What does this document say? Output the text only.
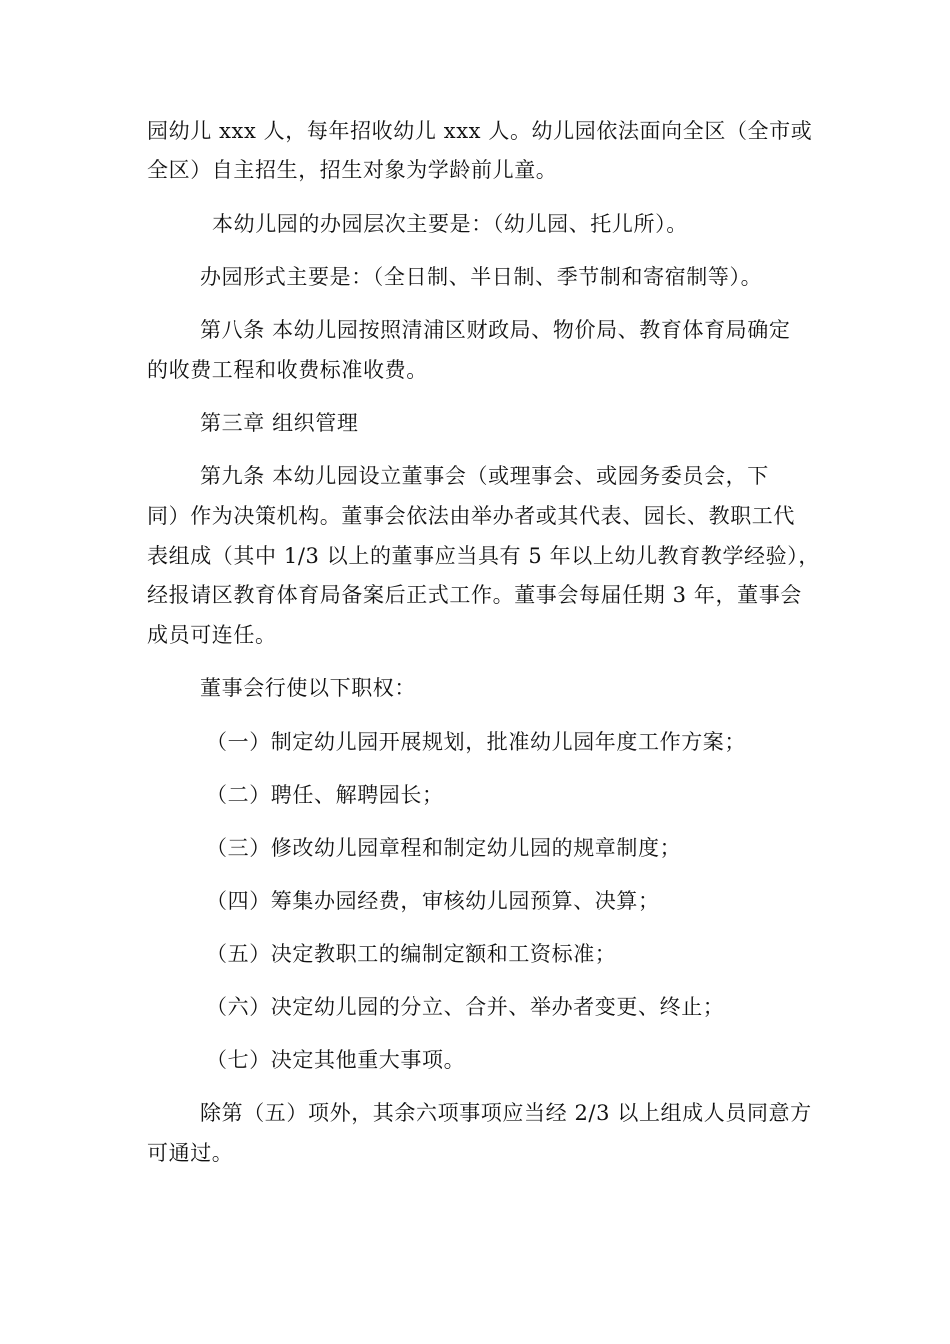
园幼儿 xxx 人，每年招收幼儿 xxx 人。幼儿园依法面向全区（全市或
全区）自主招生，招生对象为学龄前儿童。
本幼儿园的办园层次主要是：（幼儿园、托儿所）。
办园形式主要是：（全日制、半日制、季节制和寄宿制等）。
第八条 本幼儿园按照清浦区财政局、物价局、教育体育局确定
的收费工程和收费标准收费。
第三章 组织管理
第九条 本幼儿园设立董事会（或理事会、或园务委员会，下
同）作为决策机构。董事会依法由举办者或其代表、园长、教职工代
表组成（其中 1/3 以上的董事应当具有 5 年以上幼儿教育教学经验），
经报请区教育体育局备案后正式工作。董事会每届任期 3 年，董事会
成员可连任。
董事会行使以下职权：
（一）制定幼儿园开展规划，批准幼儿园年度工作方案；
（二）聘任、解聘园长；
（三）修改幼儿园章程和制定幼儿园的规章制度；
（四）筹集办园经费，审核幼儿园预算、决算；
（五）决定教职工的编制定额和工资标准；
（六）决定幼儿园的分立、合并、举办者变更、终止；
（七）决定其他重大事项。
除第（五）项外，其余六项事项应当经 2/3 以上组成人员同意方
可通过。
